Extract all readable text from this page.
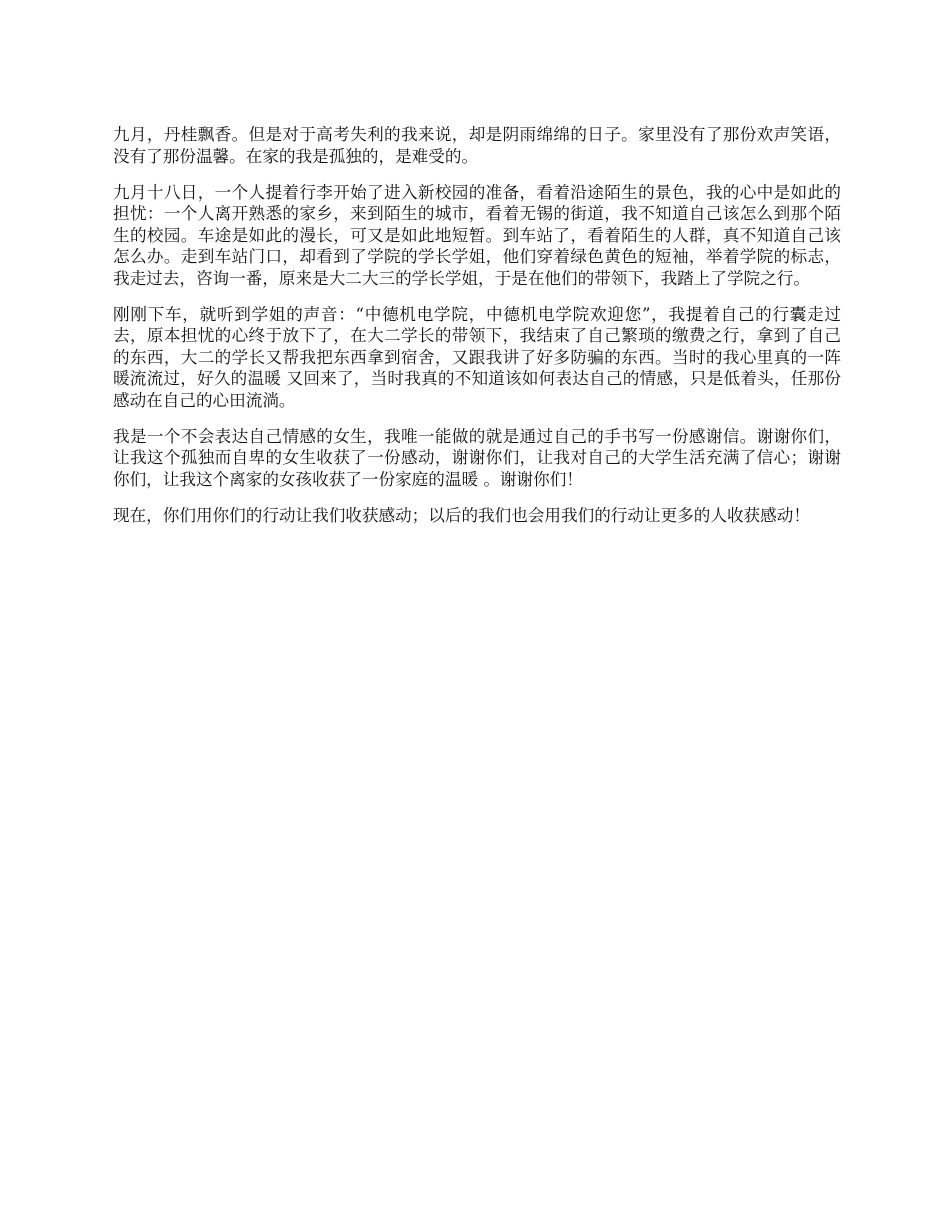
九月，丹桂飘香。但是对于高考失利的我来说，却是阴雨绵绵的日子。家里没有了那份欢声笑语，没有了那份温馨。在家的我是孤独的，是难受的。

九月十八日，一个人提着行李开始了进入新校园的准备，看着沿途陌生的景色，我的心中是如此的担忧：一个人离开熟悉的家乡，来到陌生的城市，看着无锡的街道，我不知道自己该怎么到那个陌生的校园。车途是如此的漫长，可又是如此地短暂。到车站了，看着陌生的人群，真不知道自己该怎么办。走到车站门口，却看到了学院的学长学姐，他们穿着绿色黄色的短袖，举着学院的标志，我走过去，咨询一番，原来是大二大三的学长学姐，于是在他们的带领下，我踏上了学院之行。

刚刚下车，就听到学姐的声音：“中德机电学院，中德机电学院欢迎您”，我提着自己的行囊走过去，原本担忧的心终于放下了，在大二学长的带领下，我结束了自己繁琐的缴费之行，拿到了自己的东西，大二的学长又帮我把东西拿到宿舍，又跟我讲了好多防骗的东西。当时的我心里真的一阵暖流流过，好久的温暖 又回来了，当时我真的不知道该如何表达自己的情感，只是低着头，任那份感动在自己的心田流淌。

我是一个不会表达自己情感的女生，我唯一能做的就是通过自己的手书写一份感谢信。谢谢你们，让我这个孤独而自卑的女生收获了一份感动，谢谢你们，让我对自己的大学生活充满了信心；谢谢你们，让我这个离家的女孩收获了一份家庭的温暖 。谢谢你们！

现在，你们用你们的行动让我们收获感动；以后的我们也会用我们的行动让更多的人收获感动！
